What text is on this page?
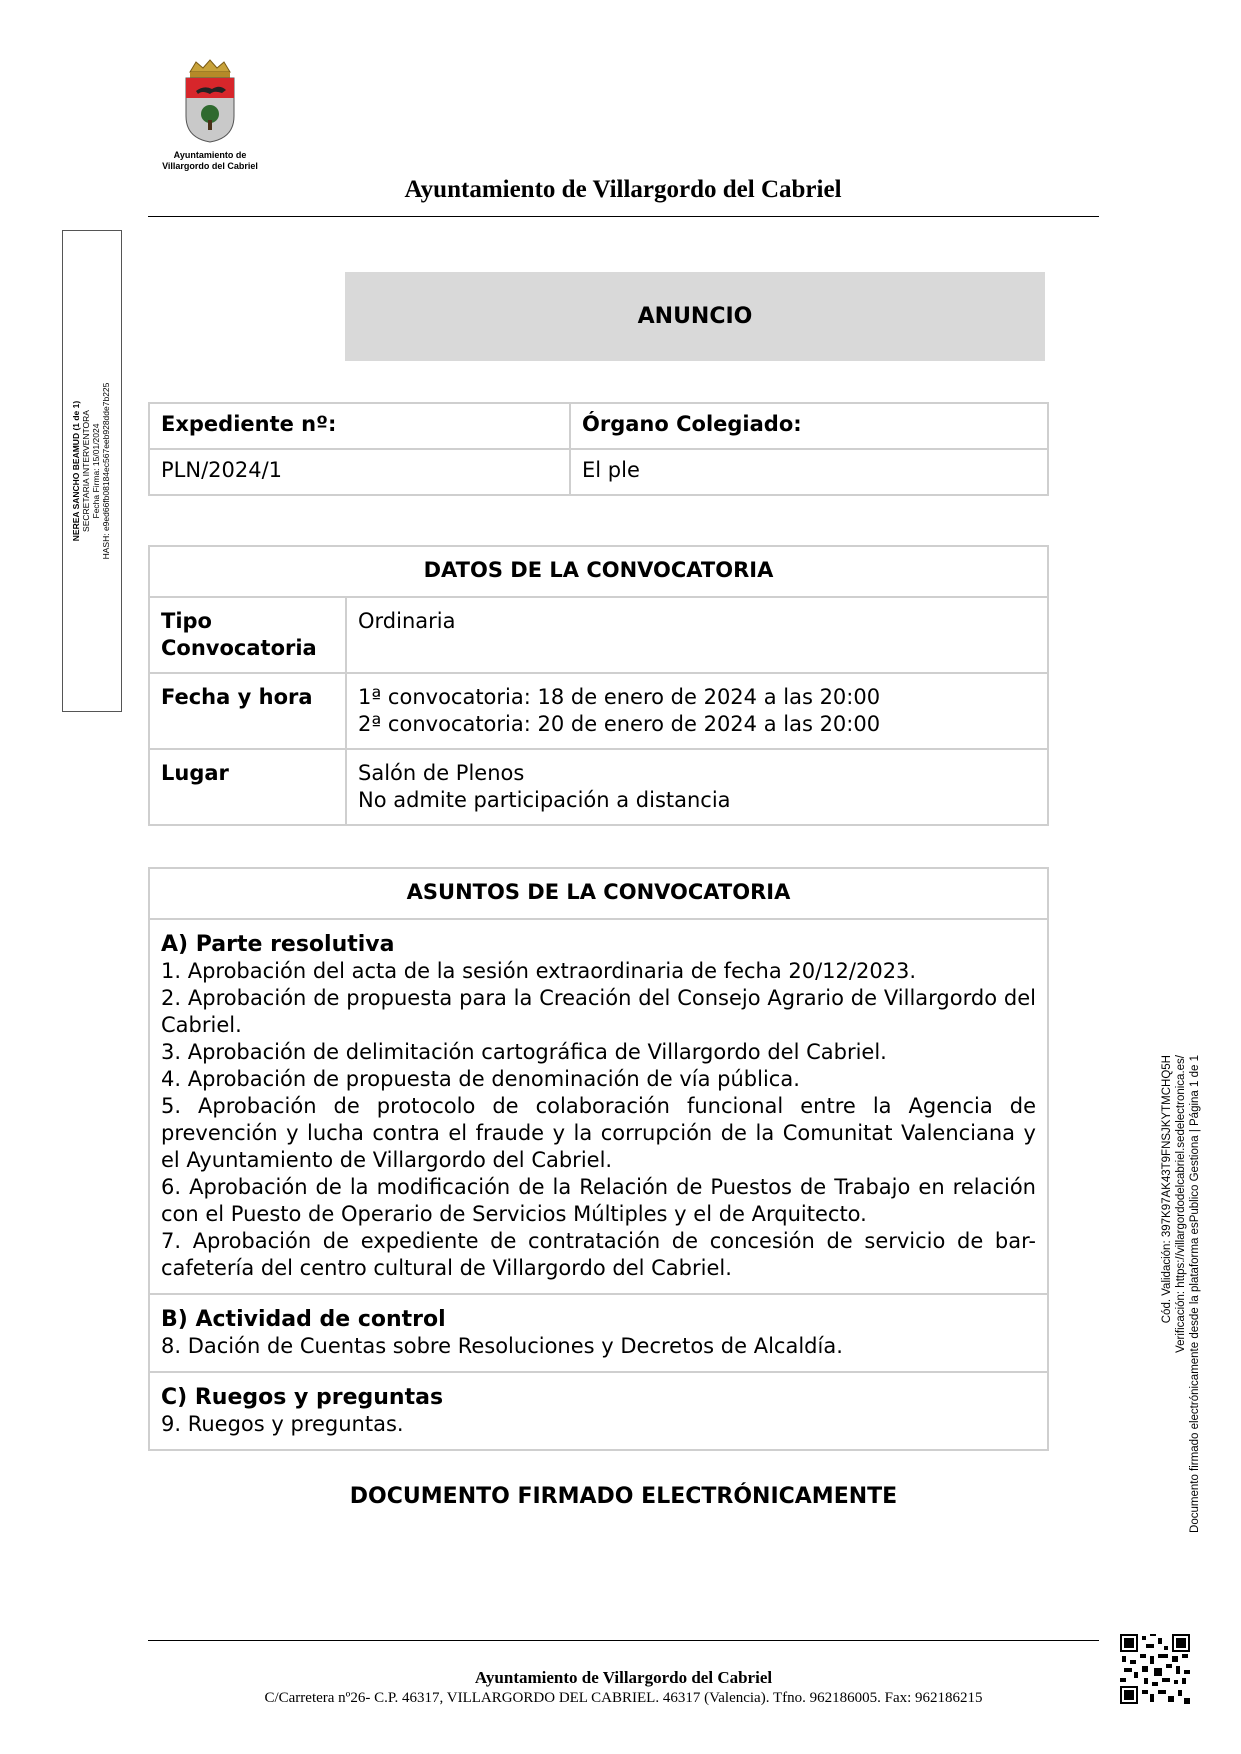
Ayuntamiento de
Villargordo del Cabriel
Ayuntamiento de Villargordo del Cabriel
NEREA SANCHO BEAMUD (1 de 1) SECRETARIA INTERVENTORA Fecha Firma: 15/01/2024 HASH: e9ed66fb08184ec567eeb928dde7b225
ANUNCIO
Expediente nº:	Órgano Colegiado:
PLN/2024/1	El ple
DATOS DE LA CONVOCATORIA	

Tipo
Convocatoria	Ordinaria
Fecha y hora	1ª convocatoria: 18 de enero de 2024 a las 20:00
2ª convocatoria: 20 de enero de 2024 a las 20:00

Lugar	Salón de Plenos
No admite participación a distancia
ASUNTOS DE LA CONVOCATORIA

A) Parte resolutiva
1. Aprobación del acta de la sesión extraordinaria de fecha 20/12/2023.
2. Aprobación de propuesta para la Creación del Consejo Agrario de Villargordo del Cabriel.
3. Aprobación de delimitación cartográfica de Villargordo del Cabriel.
4. Aprobación de propuesta de denominación de vía pública.
5. Aprobación de protocolo de colaboración funcional entre la Agencia de prevención y lucha contra el fraude y la corrupción de la Comunitat Valenciana y el Ayuntamiento de Villargordo del Cabriel.
6. Aprobación de la modificación de la Relación de Puestos de Trabajo en relación con el Puesto de Operario de Servicios Múltiples y el de Arquitecto.
7. Aprobación de expediente de contratación de concesión de servicio de bar-cafetería del centro cultural de Villargordo del Cabriel.

B) Actividad de control
8. Dación de Cuentas sobre Resoluciones y Decretos de Alcaldía.

C) Ruegos y preguntas
9. Ruegos y preguntas.
DOCUMENTO FIRMADO ELECTRÓNICAMENTE
Ayuntamiento de Villargordo del Cabriel
C/Carretera nº26- C.P. 46317, VILLARGORDO DEL CABRIEL. 46317 (Valencia). Tfno. 962186005. Fax: 962186215
Cód. Validación: 397K97AK43T9FNSJKYTMCHQ5H Verificación: https://villargordodelcabriel.sedelectronica.es/ Documento firmado electrónicamente desde la plataforma esPublico Gestiona | Página 1 de 1
